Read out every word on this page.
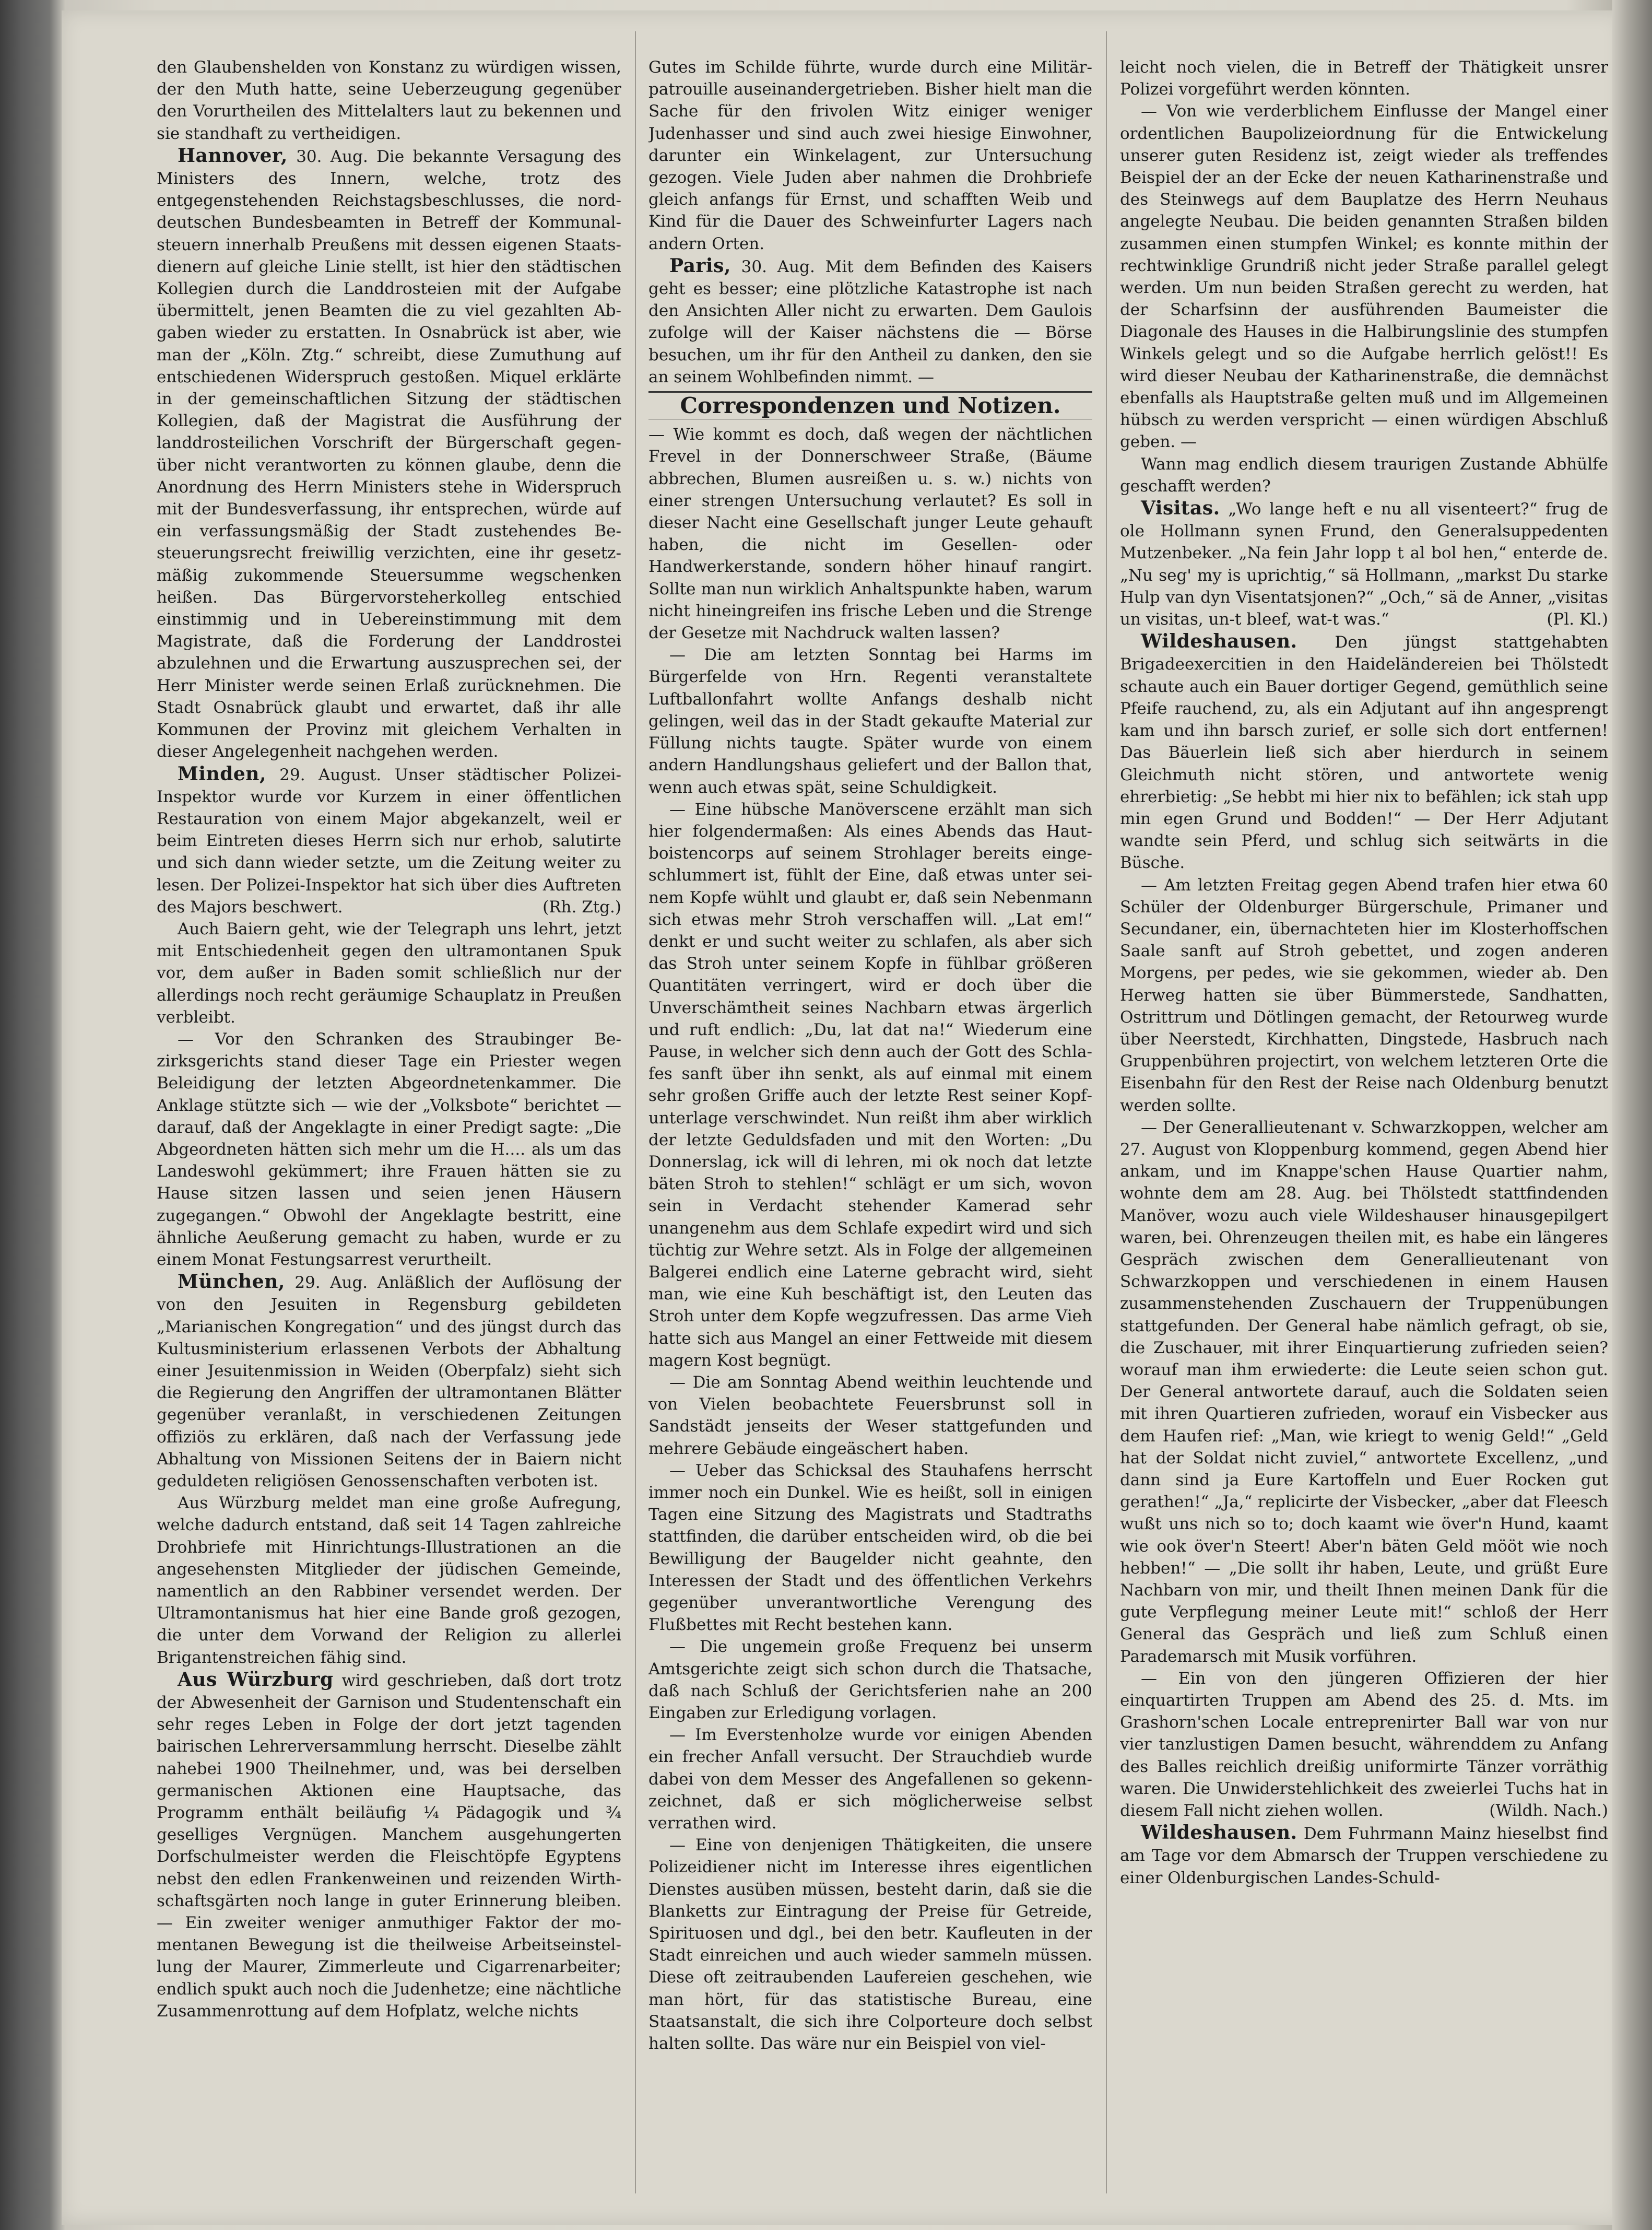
den Glaubenshelden von Konstanz zu würdigen wissen, der den Muth hatte, seine Ueberzeugung gegenüber den Vorurtheilen des Mittelalters laut zu bekennen und sie standhaft zu vertheidigen.

Hannover, 30. Aug. Die bekannte Versagung des Ministers des Innern, welche, trotz des entgegenstehenden Reichstagsbeschlusses, die norddeutschen Bundesbeamten in Betreff der Kommunalsteuern innerhalb Preußens mit dessen eigenen Staatsdienern auf gleiche Linie stellt, ist hier den städtischen Kollegien durch die Landdrosteien mit der Aufgabe übermittelt, jenen Beamten die zu viel gezahlten Abgaben wieder zu erstatten. In Osnabrück ist aber, wie man der „Köln. Ztg.“ schreibt, diese Zumuthung auf entschiedenen Widerspruch gestoßen. Miquel erklärte in der gemeinschaftlichen Sitzung der städtischen Kollegien, daß der Magistrat die Ausführung der landdrosteilichen Vorschrift der Bürgerschaft gegenüber nicht verantworten zu können glaube, denn die Anordnung des Herrn Ministers stehe in Widerspruch mit der Bundesverfassung, ihr entsprechen, würde auf ein verfassungsmäßig der Stadt zustehendes Besteuerungsrecht freiwillig verzichten, eine ihr gesetzmäßig zukommende Steuersumme wegschenken heißen. Das Bürgervorsteherkolleg entschied einstimmig und in Uebereinstimmung mit dem Magistrate, daß die Forderung der Landdrostei abzulehnen und die Erwartung auszusprechen sei, der Herr Minister werde seinen Erlaß zurücknehmen. Die Stadt Osnabrück glaubt und erwartet, daß ihr alle Kommunen der Provinz mit gleichem Verhalten in dieser Angelegenheit nachgehen werden.

Minden, 29. August. Unser städtischer Polizei-Inspektor wurde vor Kurzem in einer öffentlichen Restauration von einem Major abgekanzelt, weil er beim Eintreten dieses Herrn sich nur erhob, salutirte und sich dann wieder setzte, um die Zeitung weiter zu lesen. Der Polizei-Inspektor hat sich über dies Auftreten des Majors beschwert.	(Rh. Ztg.)

Auch Baiern geht, wie der Telegraph uns lehrt, jetzt mit Entschiedenheit gegen den ultramontanen Spuk vor, dem außer in Baden somit schließlich nur der allerdings noch recht geräumige Schauplatz in Preußen verbleibt.

— Vor den Schranken des Straubinger Bezirksgerichts stand dieser Tage ein Priester wegen Beleidigung der letzten Abgeordnetenkammer. Die Anklage stützte sich — wie der „Volksbote“ berichtet — darauf, daß der Angeklagte in einer Predigt sagte: „Die Abgeordneten hätten sich mehr um die H.... als um das Landeswohl gekümmert; ihre Frauen hätten sie zu Hause sitzen lassen und seien jenen Häusern zugegangen.“ Obwohl der Angeklagte bestritt, eine ähnliche Aeußerung gemacht zu haben, wurde er zu einem Monat Festungsarrest verurtheilt.

München, 29. Aug. Anläßlich der Auflösung der von den Jesuiten in Regensburg gebildeten „Marianischen Kongregation“ und des jüngst durch das Kultusministerium erlassenen Verbots der Abhaltung einer Jesuitenmission in Weiden (Oberpfalz) sieht sich die Regierung den Angriffen der ultramontanen Blätter gegenüber veranlaßt, in verschiedenen Zeitungen offiziös zu erklären, daß nach der Verfassung jede Abhaltung von Missionen Seitens der in Baiern nicht geduldeten religiösen Genossenschaften verboten ist.

Aus Würzburg meldet man eine große Aufregung, welche dadurch entstand, daß seit 14 Tagen zahlreiche Drohbriefe mit Hinrichtungs-Illustrationen an die angesehensten Mitglieder der jüdischen Gemeinde, namentlich an den Rabbiner versendet werden. Der Ultramontanismus hat hier eine Bande groß gezogen, die unter dem Vorwand der Religion zu allerlei Brigantenstreichen fähig sind.

Aus Würzburg wird geschrieben, daß dort trotz der Abwesenheit der Garnison und Studentenschaft ein sehr reges Leben in Folge der dort jetzt tagenden bairischen Lehrerversammlung herrscht. Dieselbe zählt nahebei 1900 Theilnehmer, und, was bei derselben germanischen Aktionen eine Hauptsache, das Programm enthält beiläufig ¼ Pädagogik und ¾ geselliges Vergnügen. Manchem ausgehungerten Dorfschulmeister werden die Fleischtöpfe Egyptens nebst den edlen Frankenweinen und reizenden Wirthschaftsgärten noch lange in guter Erinnerung bleiben. — Ein zweiter weniger anmuthiger Faktor der momentanen Bewegung ist die theilweise Arbeitseinstellung der Maurer, Zimmerleute und Cigarrenarbeiter; endlich spukt auch noch die Judenhetze; eine nächtliche Zusammenrottung auf dem Hofplatz, welche nichts

Gutes im Schilde führte, wurde durch eine Militärpatrouille auseinandergetrieben. Bisher hielt man die Sache für den frivolen Witz einiger weniger Judenhasser und sind auch zwei hiesige Einwohner, darunter ein Winkelagent, zur Untersuchung gezogen. Viele Juden aber nahmen die Drohbriefe gleich anfangs für Ernst, und schafften Weib und Kind für die Dauer des Schweinfurter Lagers nach andern Orten.

Paris, 30. Aug. Mit dem Befinden des Kaisers geht es besser; eine plötzliche Katastrophe ist nach den Ansichten Aller nicht zu erwarten. Dem Gaulois zufolge will der Kaiser nächstens die — Börse besuchen, um ihr für den Antheil zu danken, den sie an seinem Wohlbefinden nimmt. —

Correspondenzen und Notizen.

— Wie kommt es doch, daß wegen der nächtlichen Frevel in der Donnerschweer Straße, (Bäume abbrechen, Blumen ausreißen u. s. w.) nichts von einer strengen Untersuchung verlautet? Es soll in dieser Nacht eine Gesellschaft junger Leute gehauft haben, die nicht im Gesellen- oder Handwerkerstande, sondern höher hinauf rangirt. Sollte man nun wirklich Anhaltspunkte haben, warum nicht hineingreifen ins frische Leben und die Strenge der Gesetze mit Nachdruck walten lassen?

— Die am letzten Sonntag bei Harms im Bürgerfelde von Hrn. Regenti veranstaltete Luftballonfahrt wollte Anfangs deshalb nicht gelingen, weil das in der Stadt gekaufte Material zur Füllung nichts taugte. Später wurde von einem andern Handlungshaus geliefert und der Ballon that, wenn auch etwas spät, seine Schuldigkeit.

— Eine hübsche Manöverscene erzählt man sich hier folgendermaßen: Als eines Abends das Hautboistencorps auf seinem Strohlager bereits eingeschlummert ist, fühlt der Eine, daß etwas unter seinem Kopfe wühlt und glaubt er, daß sein Nebenmann sich etwas mehr Stroh verschaffen will. „Lat em!“ denkt er und sucht weiter zu schlafen, als aber sich das Stroh unter seinem Kopfe in fühlbar größeren Quantitäten verringert, wird er doch über die Unverschämtheit seines Nachbarn etwas ärgerlich und ruft endlich: „Du, lat dat na!“ Wiederum eine Pause, in welcher sich denn auch der Gott des Schlafes sanft über ihn senkt, als auf einmal mit einem sehr großen Griffe auch der letzte Rest seiner Kopfunterlage verschwindet. Nun reißt ihm aber wirklich der letzte Geduldsfaden und mit den Worten: „Du Donnerslag, ick will di lehren, mi ok noch dat letzte bäten Stroh to stehlen!“ schlägt er um sich, wovon sein in Verdacht stehender Kamerad sehr unangenehm aus dem Schlafe expedirt wird und sich tüchtig zur Wehre setzt. Als in Folge der allgemeinen Balgerei endlich eine Laterne gebracht wird, sieht man, wie eine Kuh beschäftigt ist, den Leuten das Stroh unter dem Kopfe wegzufressen. Das arme Vieh hatte sich aus Mangel an einer Fettweide mit diesem magern Kost begnügt.

— Die am Sonntag Abend weithin leuchtende und von Vielen beobachtete Feuersbrunst soll in Sandstädt jenseits der Weser stattgefunden und mehrere Gebäude eingeäschert haben.

— Ueber das Schicksal des Stauhafens herrscht immer noch ein Dunkel. Wie es heißt, soll in einigen Tagen eine Sitzung des Magistrats und Stadtraths stattfinden, die darüber entscheiden wird, ob die bei Bewilligung der Baugelder nicht geahnte, den Interessen der Stadt und des öffentlichen Verkehrs gegenüber unverantwortliche Verengung des Flußbettes mit Recht bestehen kann.

— Die ungemein große Frequenz bei unserm Amtsgerichte zeigt sich schon durch die Thatsache, daß nach Schluß der Gerichtsferien nahe an 200 Eingaben zur Erledigung vorlagen.

— Im Everstenholze wurde vor einigen Abenden ein frecher Anfall versucht. Der Strauchdieb wurde dabei von dem Messer des Angefallenen so gekennzeichnet, daß er sich möglicherweise selbst verrathen wird.

— Eine von denjenigen Thätigkeiten, die unsere Polizeidiener nicht im Interesse ihres eigentlichen Dienstes ausüben müssen, besteht darin, daß sie die Blanketts zur Eintragung der Preise für Getreide, Spirituosen und dgl., bei den betr. Kaufleuten in der Stadt einreichen und auch wieder sammeln müssen. Diese oft zeitraubenden Laufereien geschehen, wie man hört, für das statistische Bureau, eine Staatsanstalt, die sich ihre Colporteure doch selbst halten sollte. Das wäre nur ein Beispiel von viel-

leicht noch vielen, die in Betreff der Thätigkeit unsrer Polizei vorgeführt werden könnten.

— Von wie verderblichem Einflusse der Mangel einer ordentlichen Baupolizeiordnung für die Entwickelung unserer guten Residenz ist, zeigt wieder als treffendes Beispiel der an der Ecke der neuen Katharinenstraße und des Steinwegs auf dem Bauplatze des Herrn Neuhaus angelegte Neubau. Die beiden genannten Straßen bilden zusammen einen stumpfen Winkel; es konnte mithin der rechtwinklige Grundriß nicht jeder Straße parallel gelegt werden. Um nun beiden Straßen gerecht zu werden, hat der Scharfsinn der ausführenden Baumeister die Diagonale des Hauses in die Halbirungslinie des stumpfen Winkels gelegt und so die Aufgabe herrlich gelöst!! Es wird dieser Neubau der Katharinenstraße, die demnächst ebenfalls als Hauptstraße gelten muß und im Allgemeinen hübsch zu werden verspricht — einen würdigen Abschluß geben. —

Wann mag endlich diesem traurigen Zustande Abhülfe geschafft werden?

Visitas. „Wo lange heft e nu all visenteert?“ frug de ole Hollmann synen Frund, den Generalsuppedenten Mutzenbeker. „Na fein Jahr lopp t al bol hen,“ enterde de. „Nu seg' my is uprichtig,“ sä Hollmann, „markst Du starke Hulp van dyn Visentatsjonen?“ „Och,“ sä de Anner, „visitas un visitas, un-t bleef, wat-t was.“	(Pl. Kl.)

Wildeshausen. Den jüngst stattgehabten Brigadeexercitien in den Haideländereien bei Thölstedt schaute auch ein Bauer dortiger Gegend, gemüthlich seine Pfeife rauchend, zu, als ein Adjutant auf ihn angesprengt kam und ihn barsch zurief, er solle sich dort entfernen! Das Bäuerlein ließ sich aber hierdurch in seinem Gleichmuth nicht stören, und antwortete wenig ehrerbietig: „Se hebbt mi hier nix to befählen; ick stah upp min egen Grund und Bodden!“ — Der Herr Adjutant wandte sein Pferd, und schlug sich seitwärts in die Büsche.

— Am letzten Freitag gegen Abend trafen hier etwa 60 Schüler der Oldenburger Bürgerschule, Primaner und Secundaner, ein, übernachteten hier im Klosterhoffschen Saale sanft auf Stroh gebettet, und zogen anderen Morgens, per pedes, wie sie gekommen, wieder ab. Den Herweg hatten sie über Bümmerstede, Sandhatten, Ostrittrum und Dötlingen gemacht, der Retourweg wurde über Neerstedt, Kirchhatten, Dingstede, Hasbruch nach Gruppenbühren projectirt, von welchem letzteren Orte die Eisenbahn für den Rest der Reise nach Oldenburg benutzt werden sollte.

— Der Generallieutenant v. Schwarzkoppen, welcher am 27. August von Kloppenburg kommend, gegen Abend hier ankam, und im Knappe'schen Hause Quartier nahm, wohnte dem am 28. Aug. bei Thölstedt stattfindenden Manöver, wozu auch viele Wildeshauser hinausgepilgert waren, bei. Ohrenzeugen theilen mit, es habe ein längeres Gespräch zwischen dem Generallieutenant von Schwarzkoppen und verschiedenen in einem Hausen zusammenstehenden Zuschauern der Truppenübungen stattgefunden. Der General habe nämlich gefragt, ob sie, die Zuschauer, mit ihrer Einquartierung zufrieden seien? worauf man ihm erwiederte: die Leute seien schon gut. Der General antwortete darauf, auch die Soldaten seien mit ihren Quartieren zufrieden, worauf ein Visbecker aus dem Haufen rief: „Man, wie kriegt to wenig Geld!“ „Geld hat der Soldat nicht zuviel,“ antwortete Excellenz, „und dann sind ja Eure Kartoffeln und Euer Rocken gut gerathen!“ „Ja,“ replicirte der Visbecker, „aber dat Fleesch wußt uns nich so to; doch kaamt wie över'n Hund, kaamt wie ook över'n Steert! Aber'n bäten Geld mööt wie noch hebben!“ — „Die sollt ihr haben, Leute, und grüßt Eure Nachbarn von mir, und theilt Ihnen meinen Dank für die gute Verpflegung meiner Leute mit!“ schloß der Herr General das Gespräch und ließ zum Schluß einen Parademarsch mit Musik vorführen.

— Ein von den jüngeren Offizieren der hier einquartirten Truppen am Abend des 25. d. Mts. im Grashorn'schen Locale entreprenirter Ball war von nur vier tanzlustigen Damen besucht, währenddem zu Anfang des Balles reichlich dreißig uniformirte Tänzer vorräthig waren. Die Unwiderstehlichkeit des zweierlei Tuchs hat in diesem Fall nicht ziehen wollen.	(Wildh. Nach.)

Wildeshausen. Dem Fuhrmann Mainz hieselbst find am Tage vor dem Abmarsch der Truppen verschiedene zu einer Oldenburgischen Landes-Schuld-
